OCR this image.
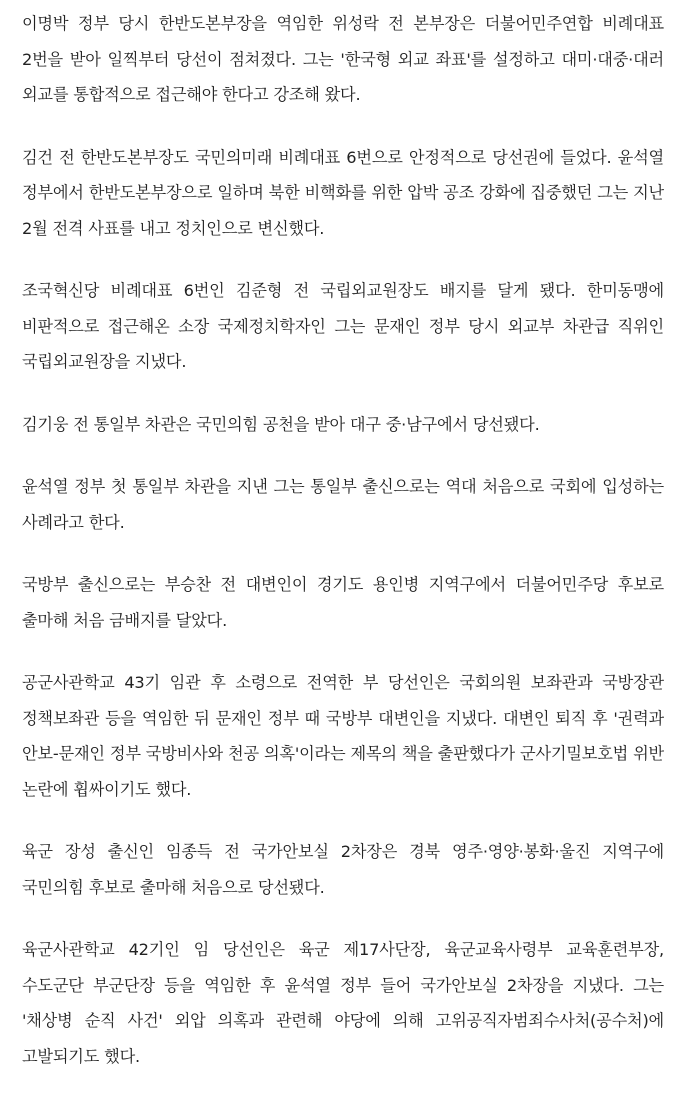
이명박 정부 당시 한반도본부장을 역임한 위성락 전 본부장은 더불어민주연합 비례대표 2번을 받아 일찍부터 당선이 점쳐졌다. 그는 '한국형 외교 좌표'를 설정하고 대미·대중·대러 외교를 통합적으로 접근해야 한다고 강조해 왔다.

김건 전 한반도본부장도 국민의미래 비례대표 6번으로 안정적으로 당선권에 들었다. 윤석열 정부에서 한반도본부장으로 일하며 북한 비핵화를 위한 압박 공조 강화에 집중했던 그는 지난 2월 전격 사표를 내고 정치인으로 변신했다.

조국혁신당 비례대표 6번인 김준형 전 국립외교원장도 배지를 달게 됐다. 한미동맹에 비판적으로 접근해온 소장 국제정치학자인 그는 문재인 정부 당시 외교부 차관급 직위인 국립외교원장을 지냈다.

김기웅 전 통일부 차관은 국민의힘 공천을 받아 대구 중·남구에서 당선됐다.

윤석열 정부 첫 통일부 차관을 지낸 그는 통일부 출신으로는 역대 처음으로 국회에 입성하는 사례라고 한다.

국방부 출신으로는 부승찬 전 대변인이 경기도 용인병 지역구에서 더불어민주당 후보로 출마해 처음 금배지를 달았다.

공군사관학교 43기 임관 후 소령으로 전역한 부 당선인은 국회의원 보좌관과 국방장관 정책보좌관 등을 역임한 뒤 문재인 정부 때 국방부 대변인을 지냈다. 대변인 퇴직 후 '권력과 안보-문재인 정부 국방비사와 천공 의혹'이라는 제목의 책을 출판했다가 군사기밀보호법 위반 논란에 휩싸이기도 했다.

육군 장성 출신인 임종득 전 국가안보실 2차장은 경북 영주·영양·봉화·울진 지역구에 국민의힘 후보로 출마해 처음으로 당선됐다.

육군사관학교 42기인 임 당선인은 육군 제17사단장, 육군교육사령부 교육훈련부장, 수도군단 부군단장 등을 역임한 후 윤석열 정부 들어 국가안보실 2차장을 지냈다. 그는 '채상병 순직 사건' 외압 의혹과 관련해 야당에 의해 고위공직자범죄수사처(공수처)에 고발되기도 했다.
